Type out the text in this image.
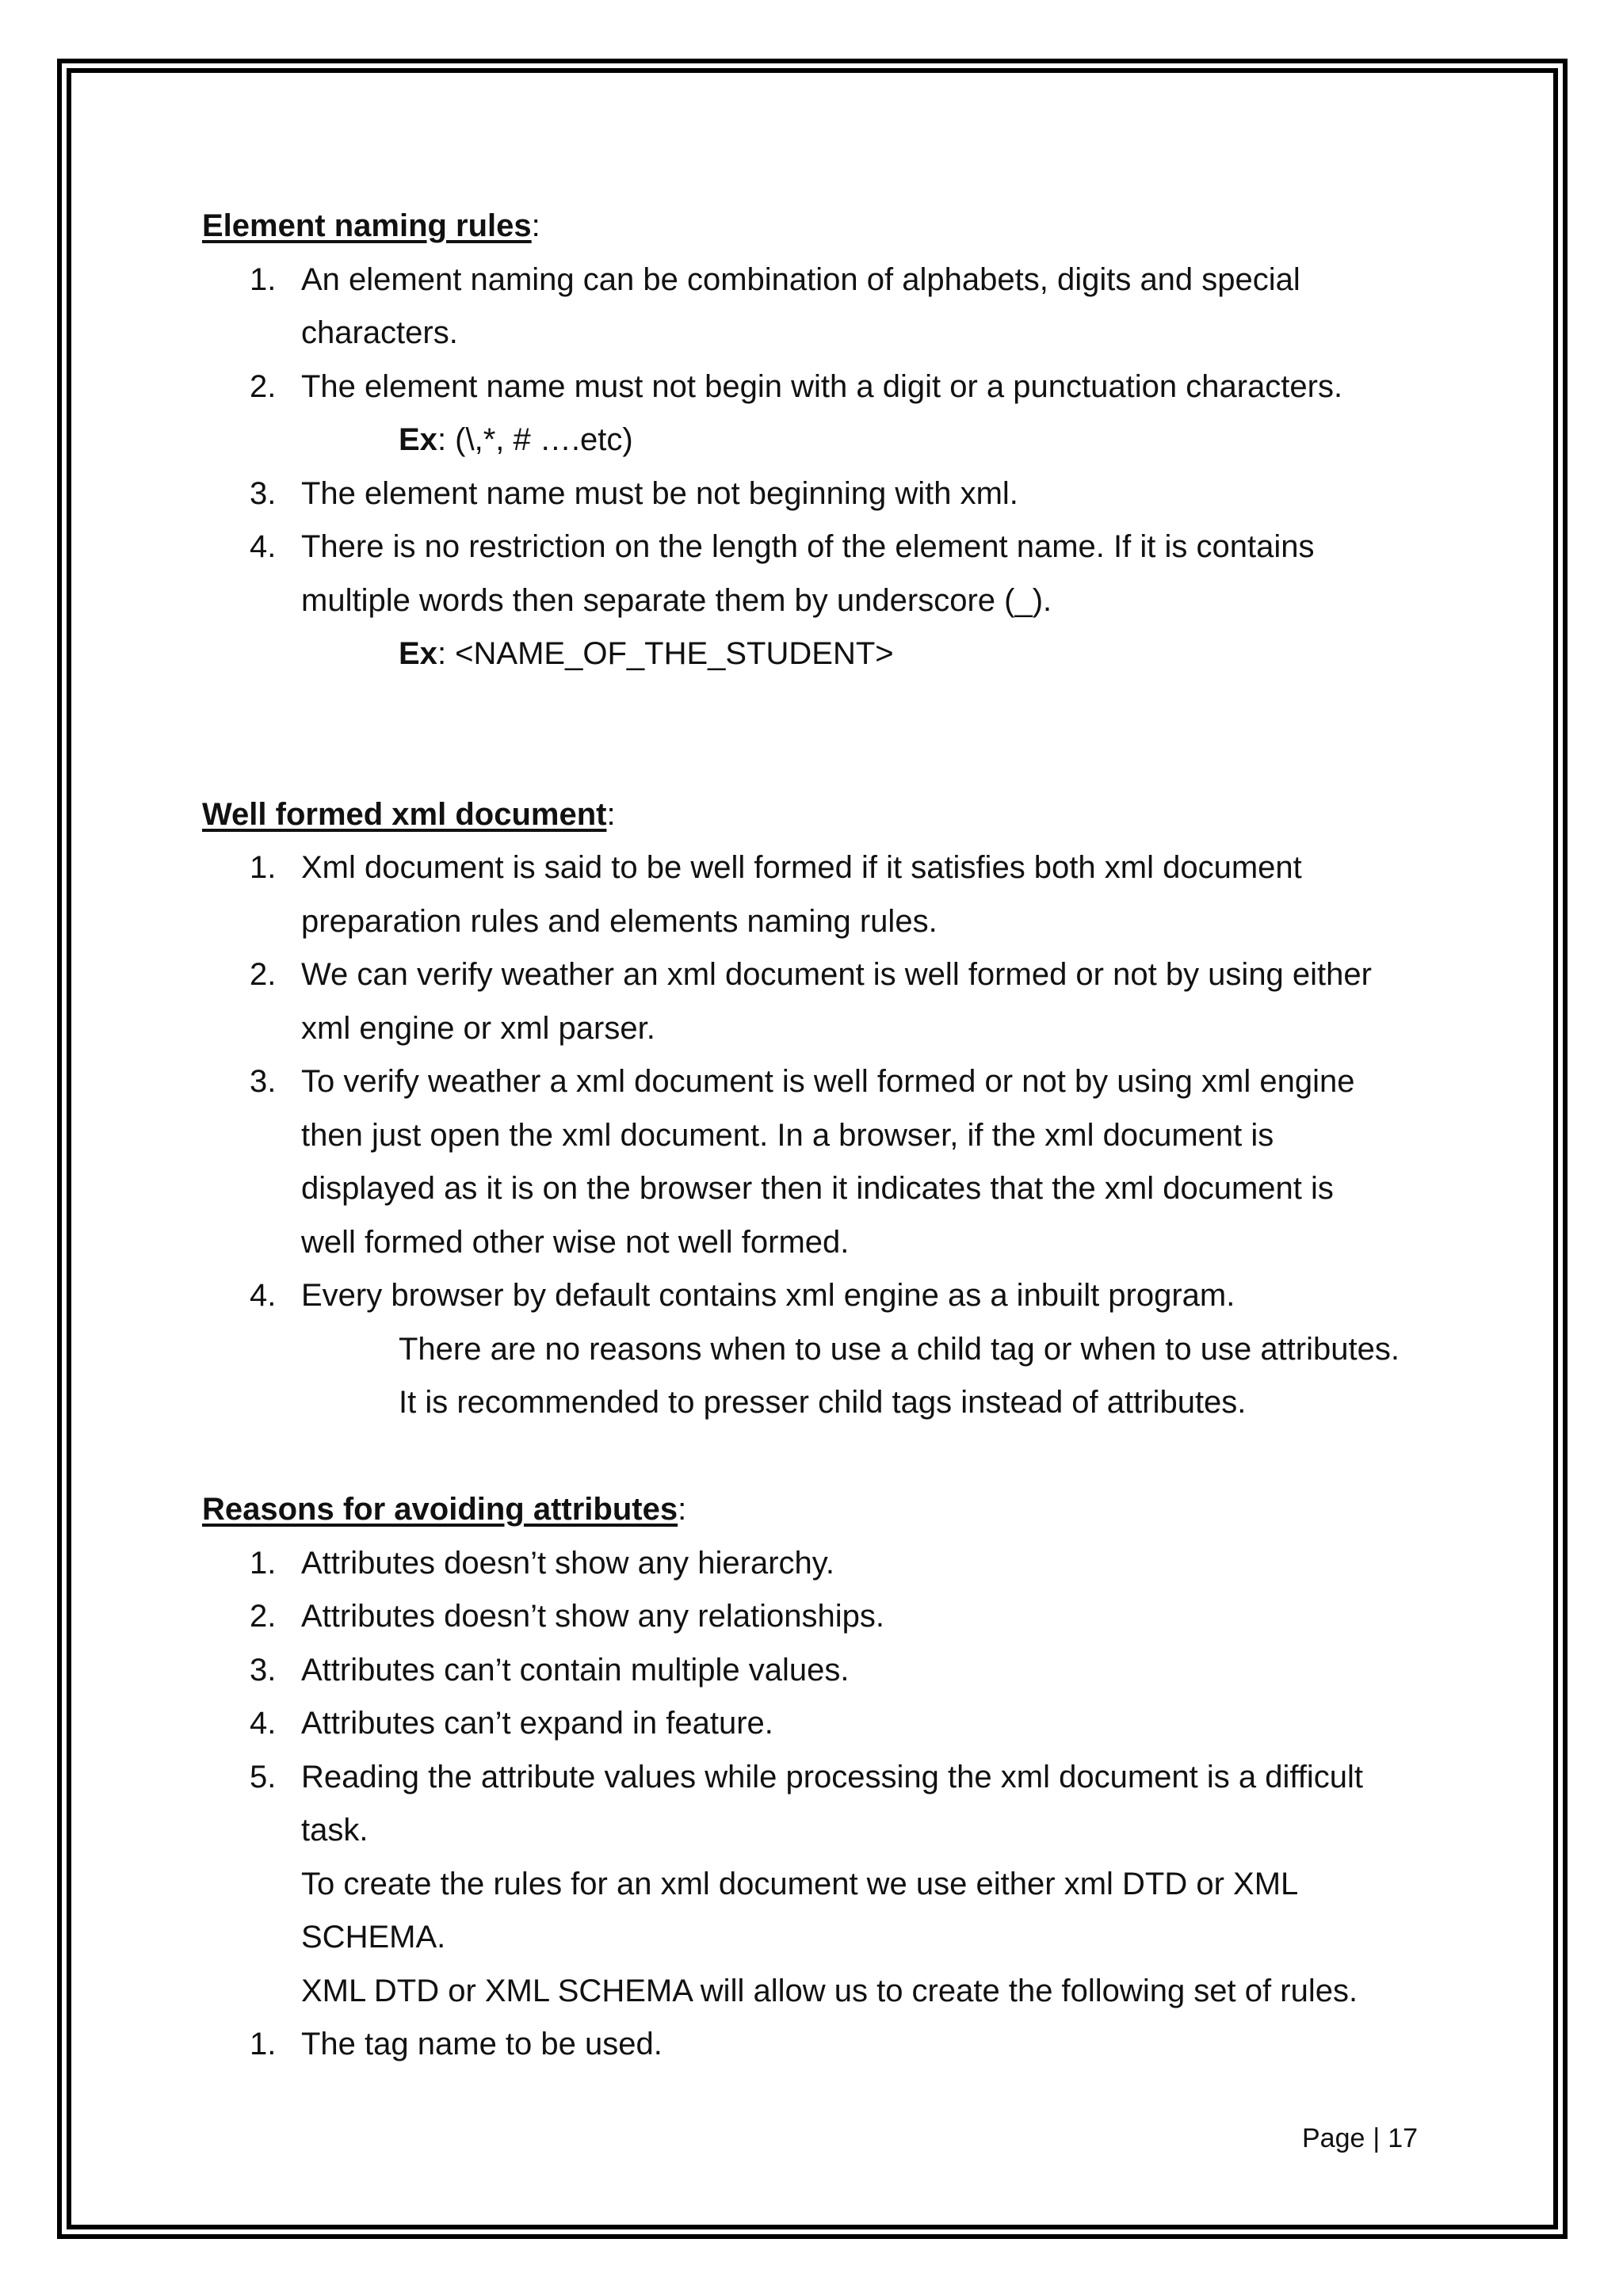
Element naming rules:
1. An element naming can be combination of alphabets, digits and special
characters.
2. The element name must not begin with a digit or a punctuation characters.
Ex: (\,*, # ….etc)
3. The element name must be not beginning with xml.
4. There is no restriction on the length of the element name. If it is contains
multiple words then separate them by underscore (_).
Ex: <NAME_OF_THE_STUDENT>
Well formed xml document:
1. Xml document is said to be well formed if it satisfies both xml document
preparation rules and elements naming rules.
2. We can verify weather an xml document is well formed or not by using either
xml engine or xml parser.
3. To verify weather a xml document is well formed or not by using xml engine
then just open the xml document. In a browser, if the xml document is
displayed as it is on the browser then it indicates that the xml document is
well formed other wise not well formed.
4. Every browser by default contains xml engine as a inbuilt program.
There are no reasons when to use a child tag or when to use attributes.
It is recommended to presser child tags instead of attributes.
Reasons for avoiding attributes:
1. Attributes doesn’t show any hierarchy.
2. Attributes doesn’t show any relationships.
3. Attributes can’t contain multiple values.
4. Attributes can’t expand in feature.
5. Reading the attribute values while processing the xml document is a difficult
task.
To create the rules for an xml document we use either xml DTD or XML
SCHEMA.
XML DTD or XML SCHEMA will allow us to create the following set of rules.
1. The tag name to be used.
Page | 17
